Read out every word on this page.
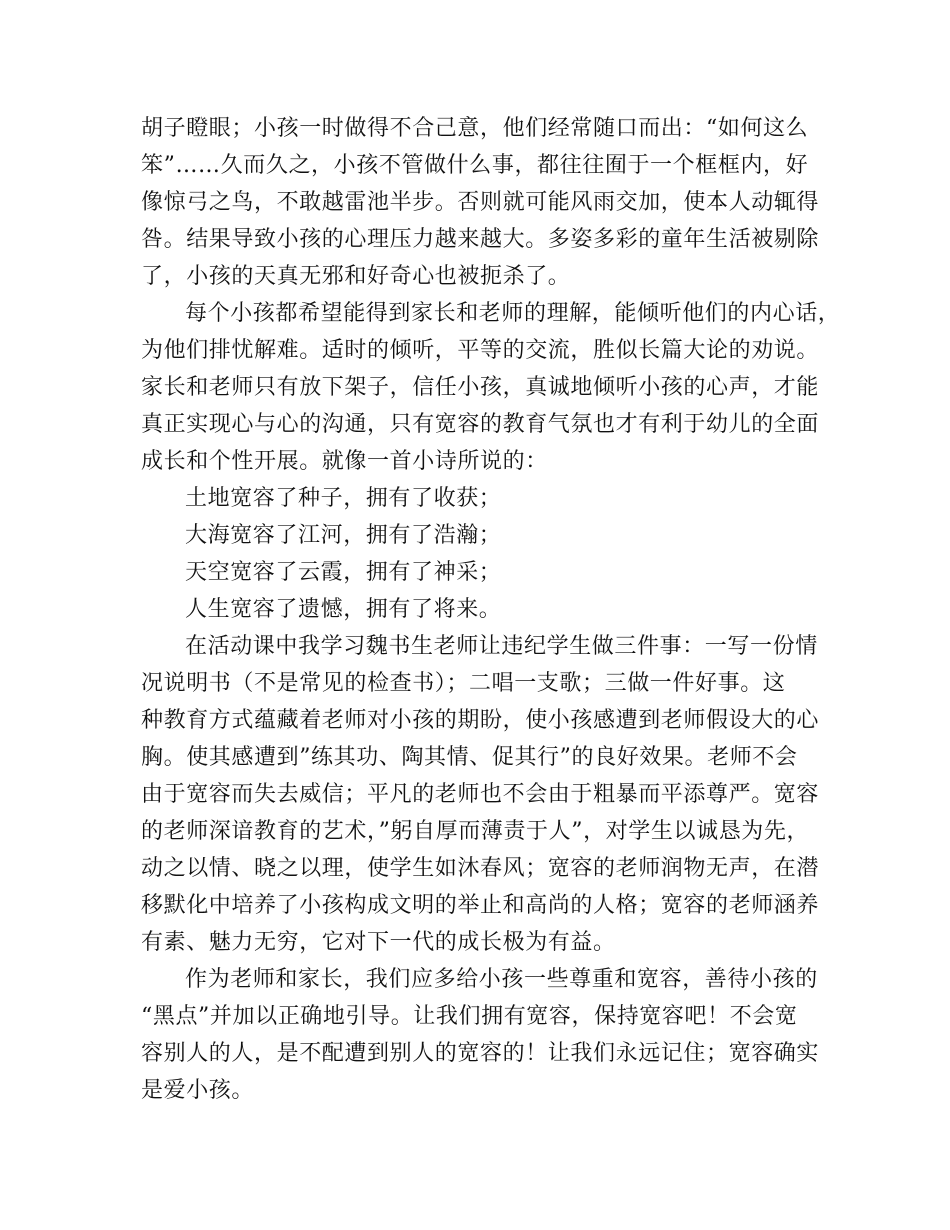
胡子瞪眼；小孩一时做得不合己意，他们经常随口而出：“如何这么
笨”……久而久之，小孩不管做什么事，都往往囿于一个框框内，好
像惊弓之鸟，不敢越雷池半步。否则就可能风雨交加，使本人动辄得
咎。结果导致小孩的心理压力越来越大。多姿多彩的童年生活被剔除
了，小孩的天真无邪和好奇心也被扼杀了。
每个小孩都希望能得到家长和老师的理解，能倾听他们的内心话，
为他们排忧解难。适时的倾听，平等的交流，胜似长篇大论的劝说。
家长和老师只有放下架子，信任小孩，真诚地倾听小孩的心声，才能
真正实现心与心的沟通，只有宽容的教育气氛也才有利于幼儿的全面
成长和个性开展。就像一首小诗所说的：
土地宽容了种子，拥有了收获；
大海宽容了江河，拥有了浩瀚；
天空宽容了云霞，拥有了神采；
人生宽容了遗憾，拥有了将来。
在活动课中我学习魏书生老师让违纪学生做三件事：一写一份情
况说明书（不是常见的检查书）；二唱一支歌；三做一件好事。这
种教育方式蕴藏着老师对小孩的期盼，使小孩感遭到老师假设大的心
胸。使其感遭到”练其功、陶其情、促其行”的良好效果。老师不会
由于宽容而失去威信；平凡的老师也不会由于粗暴而平添尊严。宽容
的老师深谙教育的艺术，”躬自厚而薄责于人”，对学生以诚恳为先，
动之以情、晓之以理，使学生如沐春风；宽容的老师润物无声，在潜
移默化中培养了小孩构成文明的举止和高尚的人格；宽容的老师涵养
有素、魅力无穷，它对下一代的成长极为有益。
作为老师和家长，我们应多给小孩一些尊重和宽容，善待小孩的
“黑点”并加以正确地引导。让我们拥有宽容，保持宽容吧！不会宽
容别人的人，是不配遭到别人的宽容的！让我们永远记住；宽容确实
是爱小孩。
